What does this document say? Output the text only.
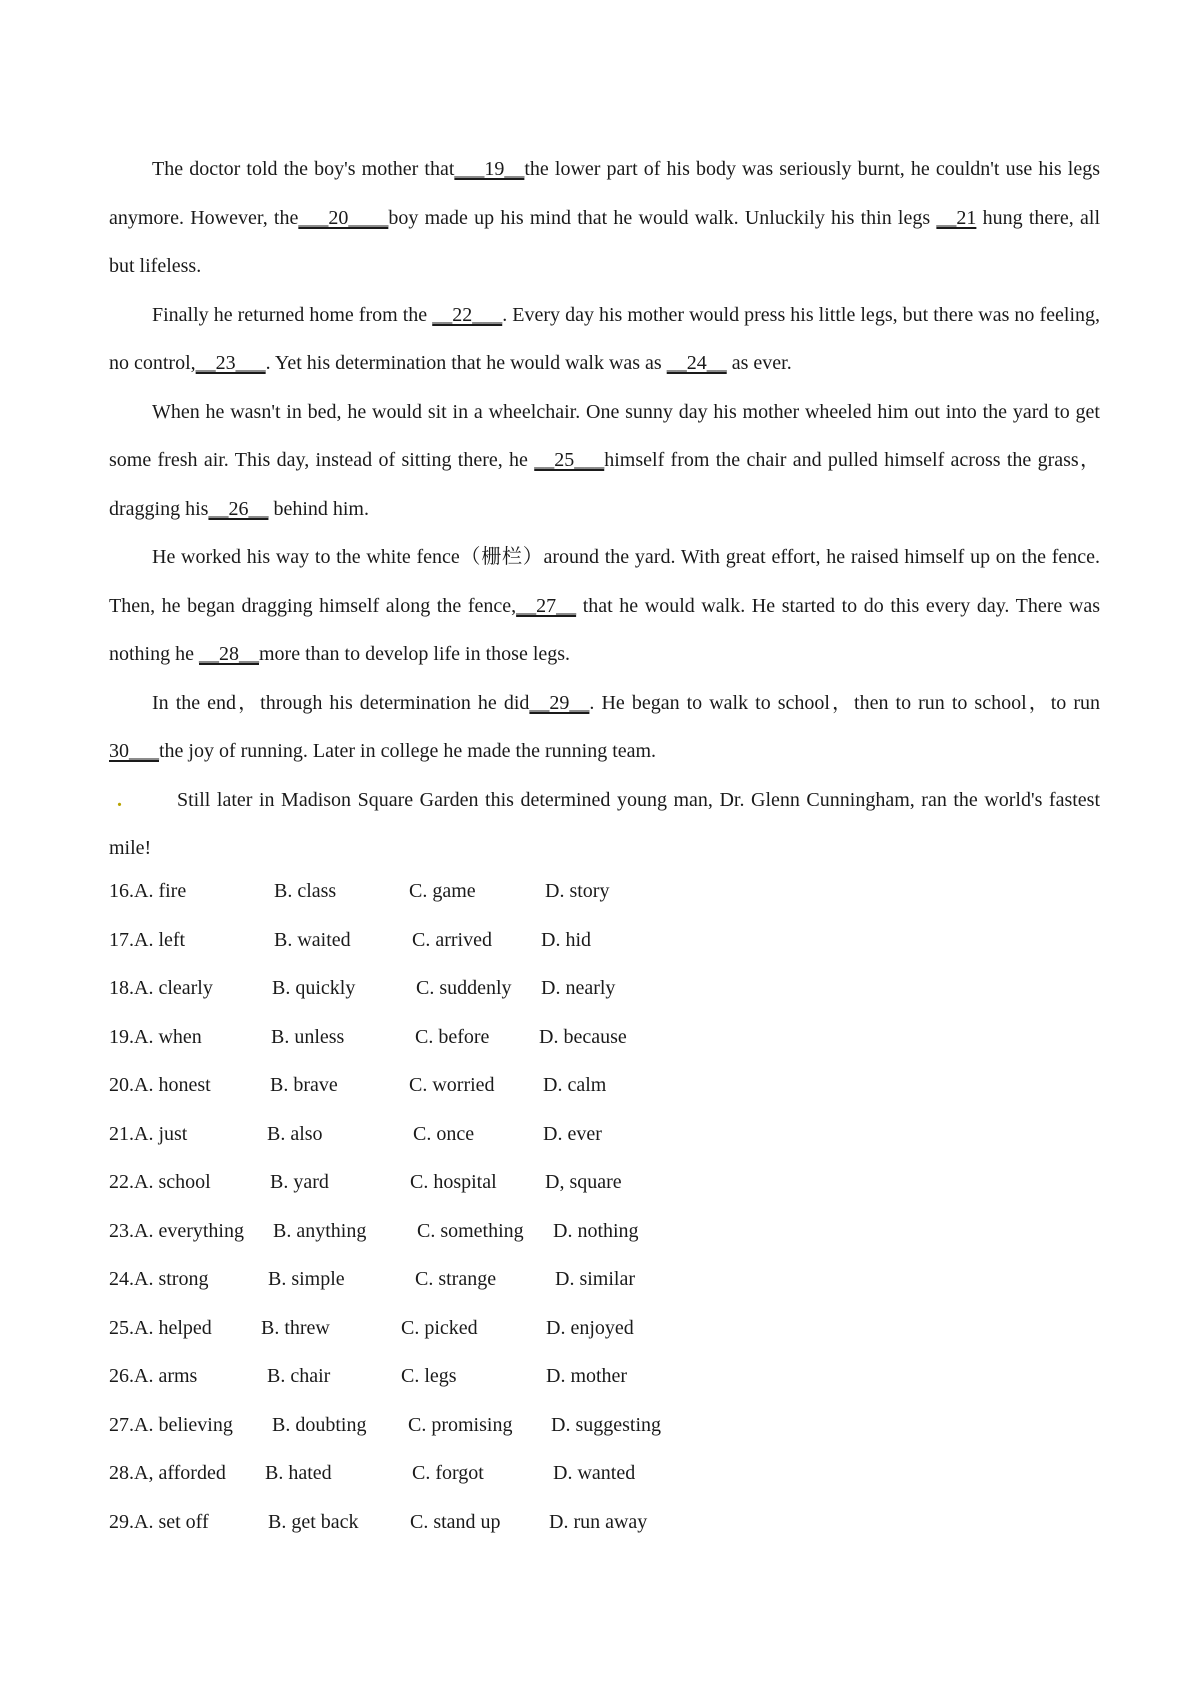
The doctor told the boy's mother that___19__the lower part of his body was seriously burnt, he couldn't use his legs anymore. However, the___20____boy made up his mind that he would walk. Unluckily his thin legs __21 hung there, all but lifeless.

Finally he returned home from the __22___. Every day his mother would press his little legs, but there was no feeling, no control,__23___. Yet his determination that he would walk was as __24__ as ever.

When he wasn't in bed, he would sit in a wheelchair. One sunny day his mother wheeled him out into the yard to get some fresh air. This day, instead of sitting there, he __25___himself from the chair and pulled himself across the grass，dragging his__26__ behind him.

He worked his way to the white fence（栅栏）around the yard. With great effort, he raised himself up on the fence. Then, he began dragging himself along the fence,__27__ that he would walk. He started to do this every day. There was nothing he __28__more than to develop life in those legs.

In the end，through his determination he did__29__. He began to walk to school，then to run to school，to run 30___the joy of running. Later in college he made the running team.

.	Still later in Madison Square Garden this determined young man, Dr. Glenn Cunningham, ran the world's fastest mile!

16.A. fire	B. class	C. game	D. story
17.A. left	B. waited	C. arrived D. hid
18.A. clearly	B. quickly	C. suddenly D. nearly
19.A. when	B. unless	C. before D. because
20.A. honest	B. brave	C. worried D. calm
21.A. just	B. also	C. once	D. ever
22.A. school	B. yard	C. hospital D, square
23.A. everything B. anything	C. something D. nothing
24.A. strong	B. simple	C. strange	D. similar
25.A. helped B. threw	C. picked	D. enjoyed
26.A. arms	B. chair	C. legs	D. mother
27.A. believing B. doubting C. promising D. suggesting
28.A, afforded B. hated	C. forgot	D. wanted
29.A. set off	B. get back	C. stand up D. run away
